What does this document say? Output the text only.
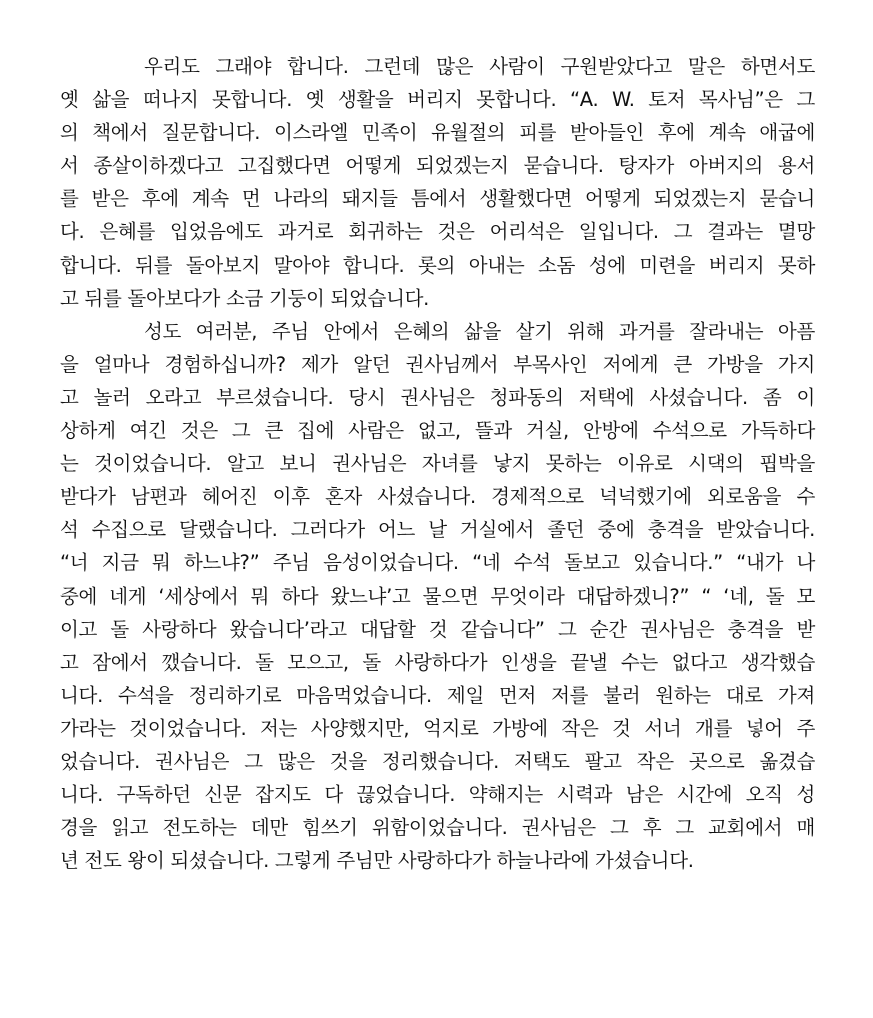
우리도 그래야 합니다. 그런데 많은 사람이 구원받았다고 말은 하면서도
옛 삶을 떠나지 못합니다. 옛 생활을 버리지 못합니다. “A. W. 토저 목사님”은 그
의 책에서 질문합니다. 이스라엘 민족이 유월절의 피를 받아들인 후에 계속 애굽에
서 종살이하겠다고 고집했다면 어떻게 되었겠는지 묻습니다. 탕자가 아버지의 용서
를 받은 후에 계속 먼 나라의 돼지들 틈에서 생활했다면 어떻게 되었겠는지 묻습니
다. 은혜를 입었음에도 과거로 회귀하는 것은 어리석은 일입니다. 그 결과는 멸망
합니다. 뒤를 돌아보지 말아야 합니다. 롯의 아내는 소돔 성에 미련을 버리지 못하
고 뒤를 돌아보다가 소금 기둥이 되었습니다.
성도 여러분, 주님 안에서 은혜의 삶을 살기 위해 과거를 잘라내는 아픔
을 얼마나 경험하십니까? 제가 알던 권사님께서 부목사인 저에게 큰 가방을 가지
고 놀러 오라고 부르셨습니다. 당시 권사님은 청파동의 저택에 사셨습니다. 좀 이
상하게 여긴 것은 그 큰 집에 사람은 없고, 뜰과 거실, 안방에 수석으로 가득하다
는 것이었습니다. 알고 보니 권사님은 자녀를 낳지 못하는 이유로 시댁의 핍박을
받다가 남편과 헤어진 이후 혼자 사셨습니다. 경제적으로 넉넉했기에 외로움을 수
석 수집으로 달랬습니다. 그러다가 어느 날 거실에서 졸던 중에 충격을 받았습니다.
“너 지금 뭐 하느냐?” 주님 음성이었습니다. “네 수석 돌보고 있습니다.” “내가 나
중에 네게 ‘세상에서 뭐 하다 왔느냐’고 물으면 무엇이라 대답하겠니?” “ ‘네, 돌 모
이고 돌 사랑하다 왔습니다’라고 대답할 것 같습니다” 그 순간 권사님은 충격을 받
고 잠에서 깼습니다. 돌 모으고, 돌 사랑하다가 인생을 끝낼 수는 없다고 생각했습
니다. 수석을 정리하기로 마음먹었습니다. 제일 먼저 저를 불러 원하는 대로 가져
가라는 것이었습니다. 저는 사양했지만, 억지로 가방에 작은 것 서너 개를 넣어 주
었습니다. 권사님은 그 많은 것을 정리했습니다. 저택도 팔고 작은 곳으로 옮겼습
니다. 구독하던 신문 잡지도 다 끊었습니다. 약해지는 시력과 남은 시간에 오직 성
경을 읽고 전도하는 데만 힘쓰기 위함이었습니다. 권사님은 그 후 그 교회에서 매
년 전도 왕이 되셨습니다. 그렇게 주님만 사랑하다가 하늘나라에 가셨습니다.
